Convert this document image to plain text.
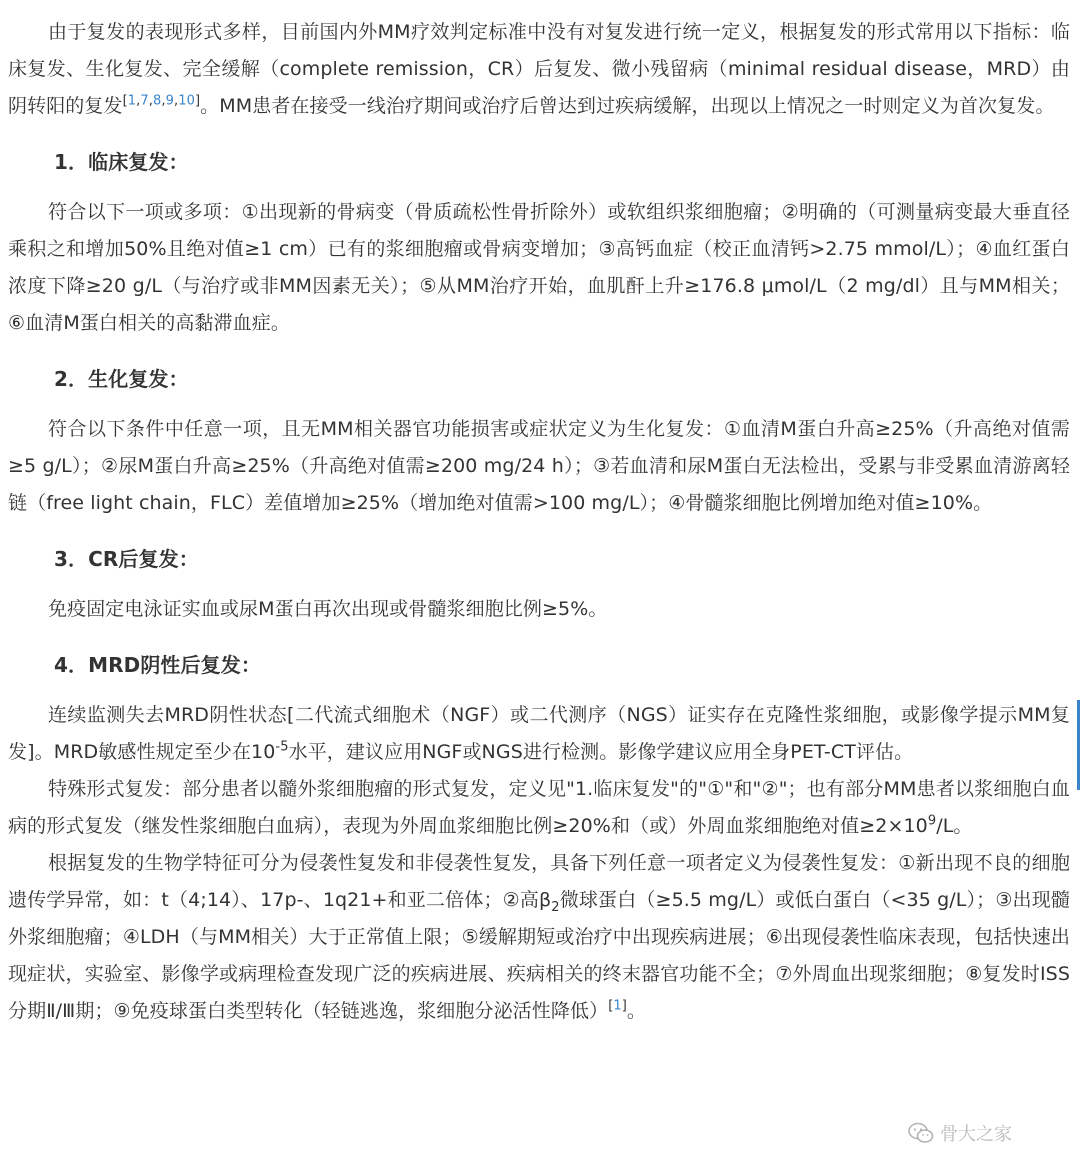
由于复发的表现形式多样，目前国内外MM疗效判定标准中没有对复发进行统一定义，根据复发的形式常用以下指标：临床复发、生化复发、完全缓解（complete remission，CR）后复发、微小残留病（minimal residual disease，MRD）由阴转阳的复发[1,7,8,9,10]。MM患者在接受一线治疗期间或治疗后曾达到过疾病缓解，出现以上情况之一时则定义为首次复发。

1．临床复发：

符合以下一项或多项：①出现新的骨病变（骨质疏松性骨折除外）或软组织浆细胞瘤；②明确的（可测量病变最大垂直径乘积之和增加50%且绝对值≥1 cm）已有的浆细胞瘤或骨病变增加；③高钙血症（校正血清钙>2.75 mmol/L）；④血红蛋白浓度下降≥20 g/L（与治疗或非MM因素无关）；⑤从MM治疗开始，血肌酐上升≥176.8 μmol/L（2 mg/dl）且与MM相关；⑥血清M蛋白相关的高黏滞血症。

2．生化复发：

符合以下条件中任意一项，且无MM相关器官功能损害或症状定义为生化复发：①血清M蛋白升高≥25%（升高绝对值需≥5 g/L）；②尿M蛋白升高≥25%（升高绝对值需≥200 mg/24 h）；③若血清和尿M蛋白无法检出，受累与非受累血清游离轻链（free light chain，FLC）差值增加≥25%（增加绝对值需>100 mg/L）；④骨髓浆细胞比例增加绝对值≥10%。

3．CR后复发：

免疫固定电泳证实血或尿M蛋白再次出现或骨髓浆细胞比例≥5%。

4．MRD阴性后复发：

连续监测失去MRD阴性状态[二代流式细胞术（NGF）或二代测序（NGS）证实存在克隆性浆细胞，或影像学提示MM复发]。MRD敏感性规定至少在$10^{-5}$水平，建议应用NGF或NGS进行检测。影像学建议应用全身PET-CT评估。

特殊形式复发：部分患者以髓外浆细胞瘤的形式复发，定义见"1.临床复发"的"①"和"②"；也有部分MM患者以浆细胞白血病的形式复发（继发性浆细胞白血病），表现为外周血浆细胞比例≥20%和（或）外周血浆细胞绝对值$\ge 2\times 10^9/L$。

根据复发的生物学特征可分为侵袭性复发和非侵袭性复发，具备下列任意一项者定义为侵袭性复发：①新出现不良的细胞遗传学异常，如：t（4;14）、17p-、1q21+和亚二倍体；②高$\beta_2$微球蛋白（≥5.5 mg/L）或低白蛋白（<35 g/L）；③出现髓外浆细胞瘤；④LDH（与MM相关）大于正常值上限；⑤缓解期短或治疗中出现疾病进展；⑥出现侵袭性临床表现，包括快速出现症状，实验室、影像学或病理检查发现广泛的疾病进展、疾病相关的终末器官功能不全；⑦外周血出现浆细胞；⑧复发时ISS分期Ⅱ/Ⅲ期；⑨免疫球蛋白类型转化（轻链逃逸，浆细胞分泌活性降低）[1]。

骨大之家
